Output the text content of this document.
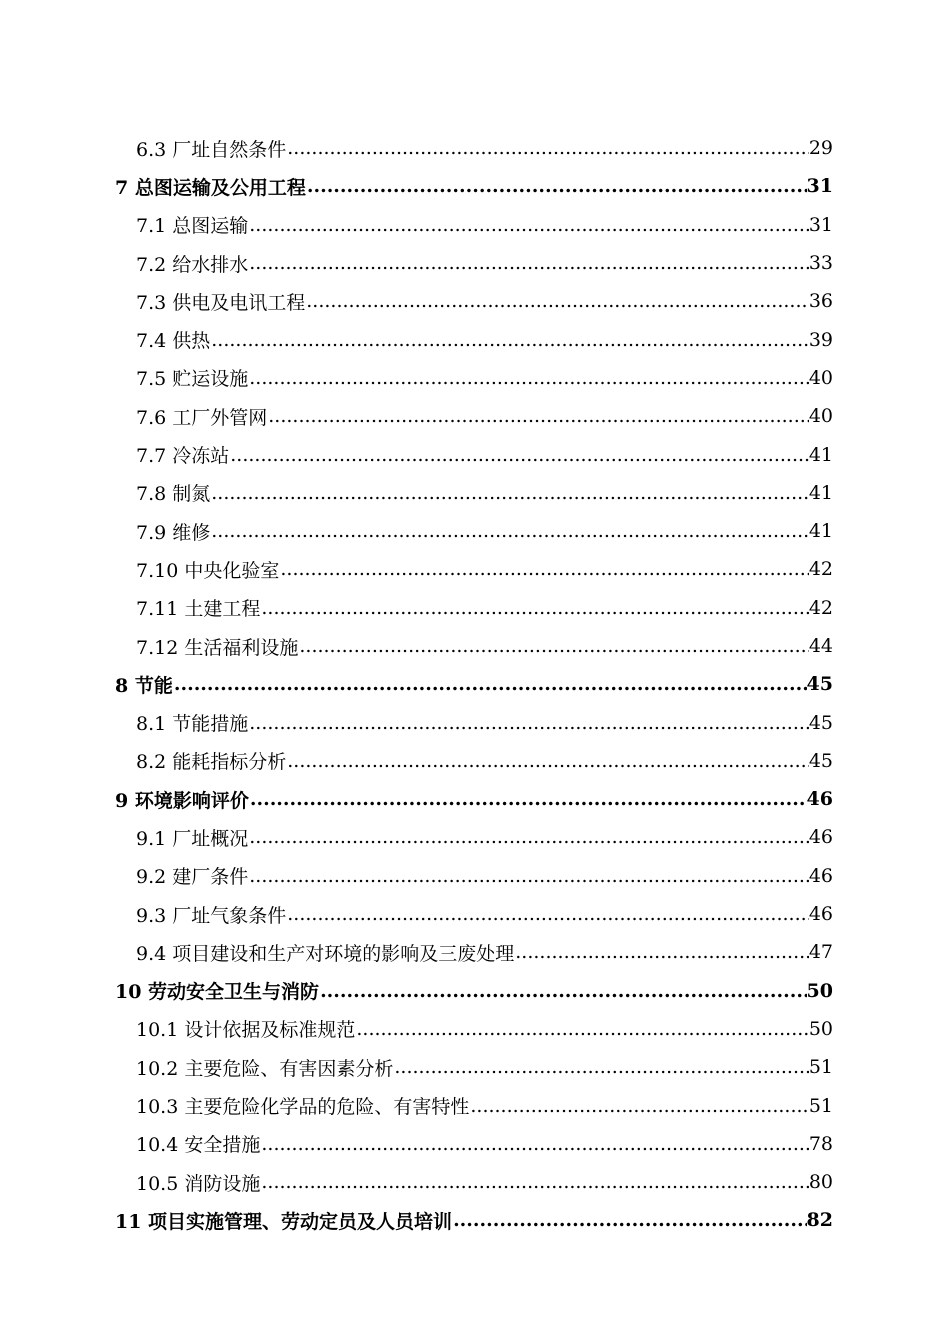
6.3 厂址自然条件 .....	29
7 总图运输及公用工程 .....	31
7.1 总图运输 .....	31
7.2 给水排水 .....	33
7.3 供电及电讯工程 .....	36
7.4 供热 .....	39
7.5 贮运设施 .....	40
7.6 工厂外管网 .....	40
7.7 冷冻站 .....	41
7.8 制氮 .....	41
7.9 维修 .....	41
7.10 中央化验室 .....	42
7.11 土建工程 .....	42
7.12 生活福利设施 .....	44
8 节能 .....	45
8.1 节能措施 .....	45
8.2 能耗指标分析 .....	45
9 环境影响评价 .....	46
9.1 厂址概况 .....	46
9.2 建厂条件 .....	46
9.3 厂址气象条件 .....	46
9.4 项目建设和生产对环境的影响及三废处理 .....	47
10 劳动安全卫生与消防 .....	50
10.1 设计依据及标准规范 .....	50
10.2 主要危险、有害因素分析 .....	51
10.3 主要危险化学品的危险、有害特性 .....	51
10.4 安全措施 .....	78
10.5 消防设施 .....	80
11 项目实施管理、劳动定员及人员培训 .....	82
